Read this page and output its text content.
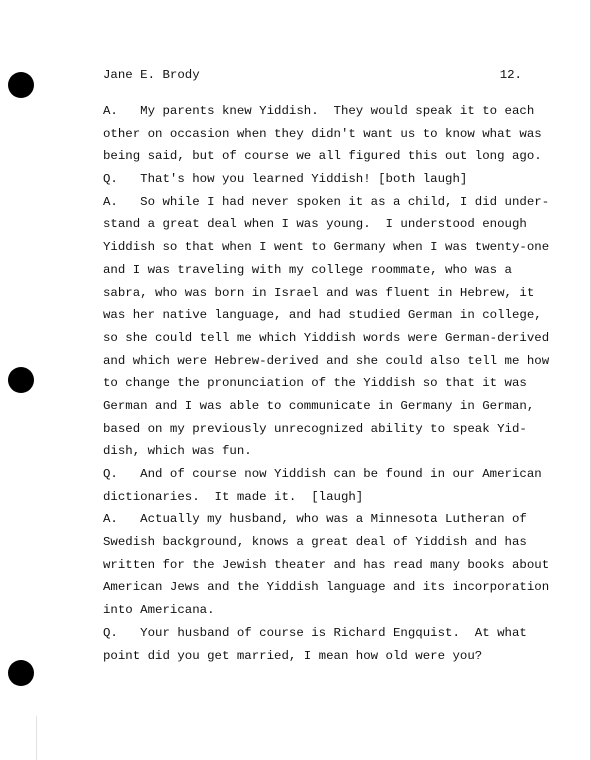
Jane E. Brody	12.
A.   My parents knew Yiddish.  They would speak it to each
other on occasion when they didn't want us to know what was
being said, but of course we all figured this out long ago.
Q.   That's how you learned Yiddish! [both laugh]
A.   So while I had never spoken it as a child, I did under-
stand a great deal when I was young.  I understood enough
Yiddish so that when I went to Germany when I was twenty-one
and I was traveling with my college roommate, who was a
sabra, who was born in Israel and was fluent in Hebrew, it
was her native language, and had studied German in college,
so she could tell me which Yiddish words were German-derived
and which were Hebrew-derived and she could also tell me how
to change the pronunciation of the Yiddish so that it was
German and I was able to communicate in Germany in German,
based on my previously unrecognized ability to speak Yid-
dish, which was fun.
Q.   And of course now Yiddish can be found in our American
dictionaries.  It made it.  [laugh]
A.   Actually my husband, who was a Minnesota Lutheran of
Swedish background, knows a great deal of Yiddish and has
written for the Jewish theater and has read many books about
American Jews and the Yiddish language and its incorporation
into Americana.
Q.   Your husband of course is Richard Engquist.  At what
point did you get married, I mean how old were you?
